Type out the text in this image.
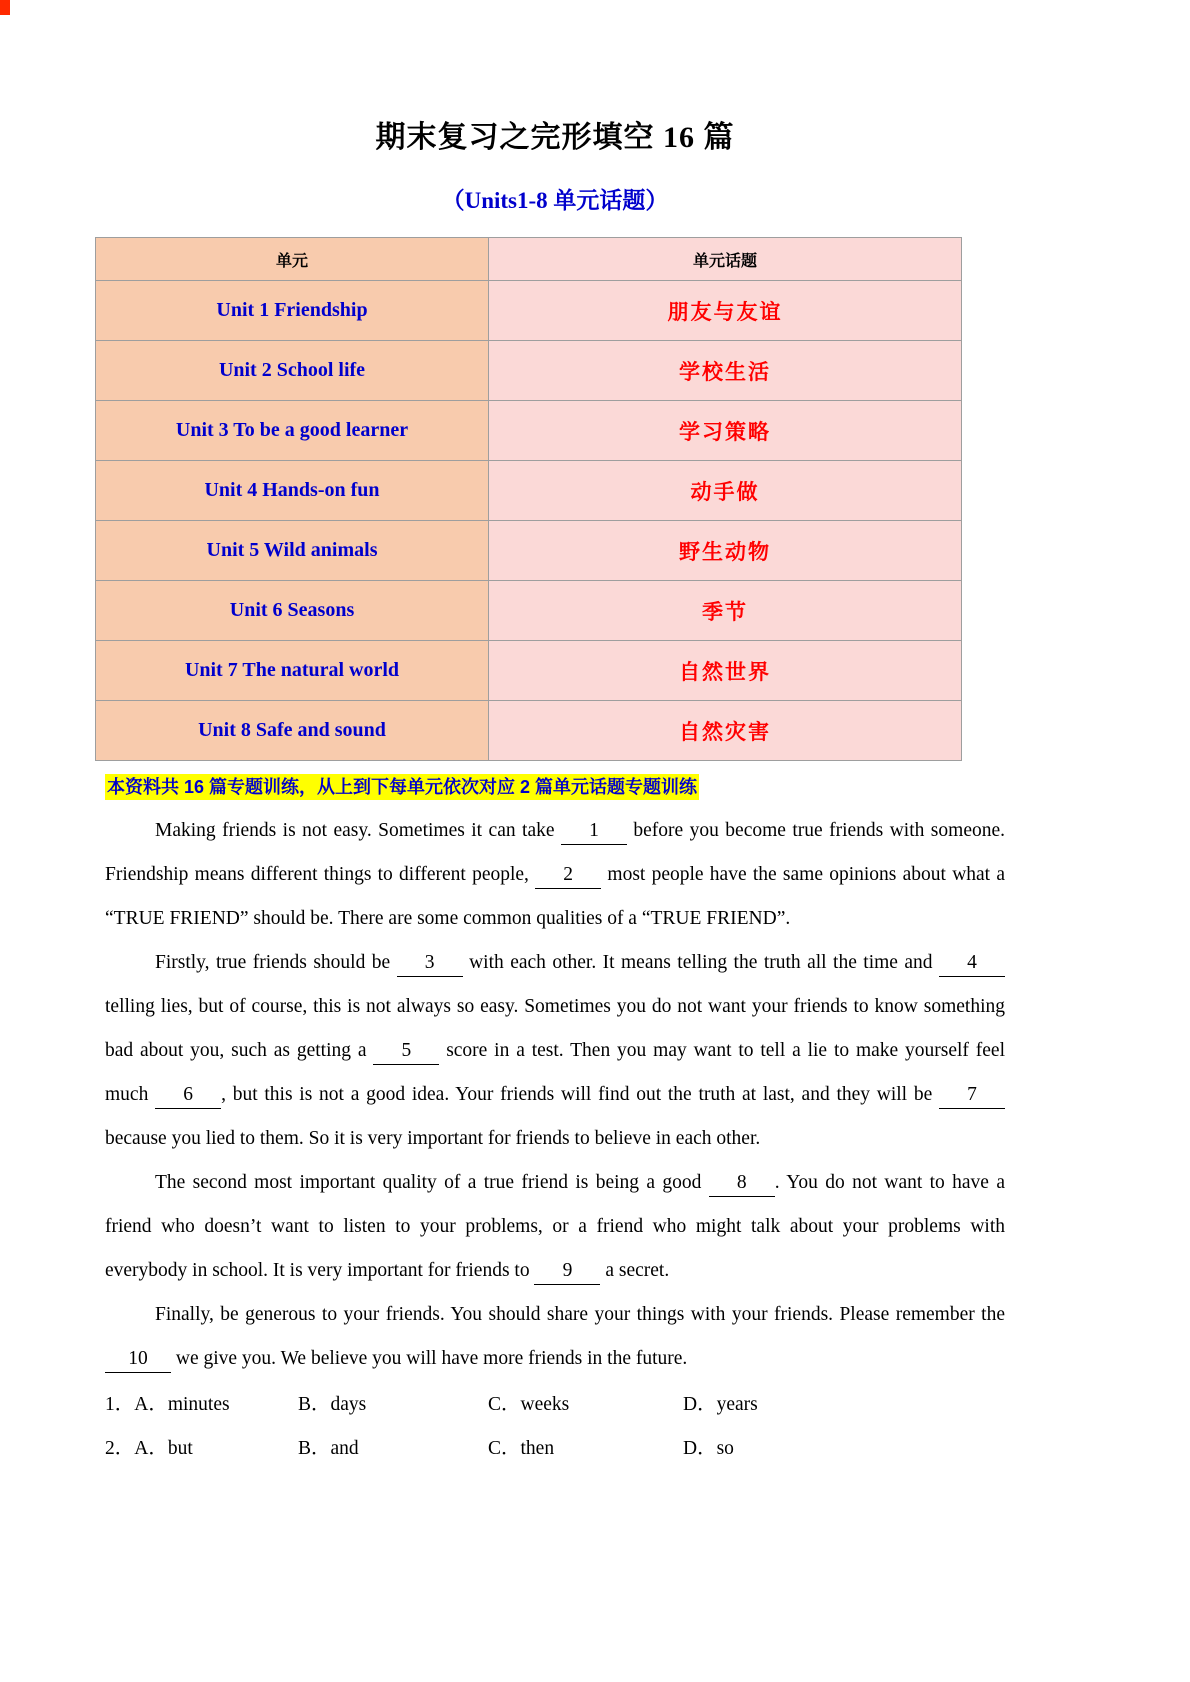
期末复习之完形填空 16 篇
（Units1-8 单元话题）
单元	单元话题
Unit 1 Friendship	朋友与友谊
Unit 2 School life	学校生活
Unit 3 To be a good learner	学习策略
Unit 4 Hands-on fun	动手做
Unit 5 Wild animals	野生动物
Unit 6 Seasons	季节
Unit 7 The natural world	自然世界
Unit 8 Safe and sound	自然灾害
本资料共 16 篇专题训练，从上到下每单元依次对应 2 篇单元话题专题训练

Making friends is not easy. Sometimes it can take 1 before you become true friends with someone. Friendship means different things to different people, 2 most people have the same opinions about what a “TRUE FRIEND” should be. There are some common qualities of a “TRUE FRIEND”.

Firstly, true friends should be 3 with each other. It means telling the truth all the time and 4 telling lies, but of course, this is not always so easy. Sometimes you do not want your friends to know something bad about you, such as getting a 5 score in a test. Then you may want to tell a lie to make yourself feel much 6 , but this is not a good idea. Your friends will find out the truth at last, and they will be 7 because you lied to them. So it is very important for friends to believe in each other.

The second most important quality of a true friend is being a good 8 . You do not want to have a friend who doesn’t want to listen to your problems, or a friend who might talk about your problems with everybody in school. It is very important for friends to 9 a secret.

Finally, be generous to your friends. You should share your things with your friends. Please remember the 10 we give you. We believe you will have more friends in the future.

1．A．minutes	B．days	C．weeks	D．years
2．A．but	B．and	C．then	D．so
